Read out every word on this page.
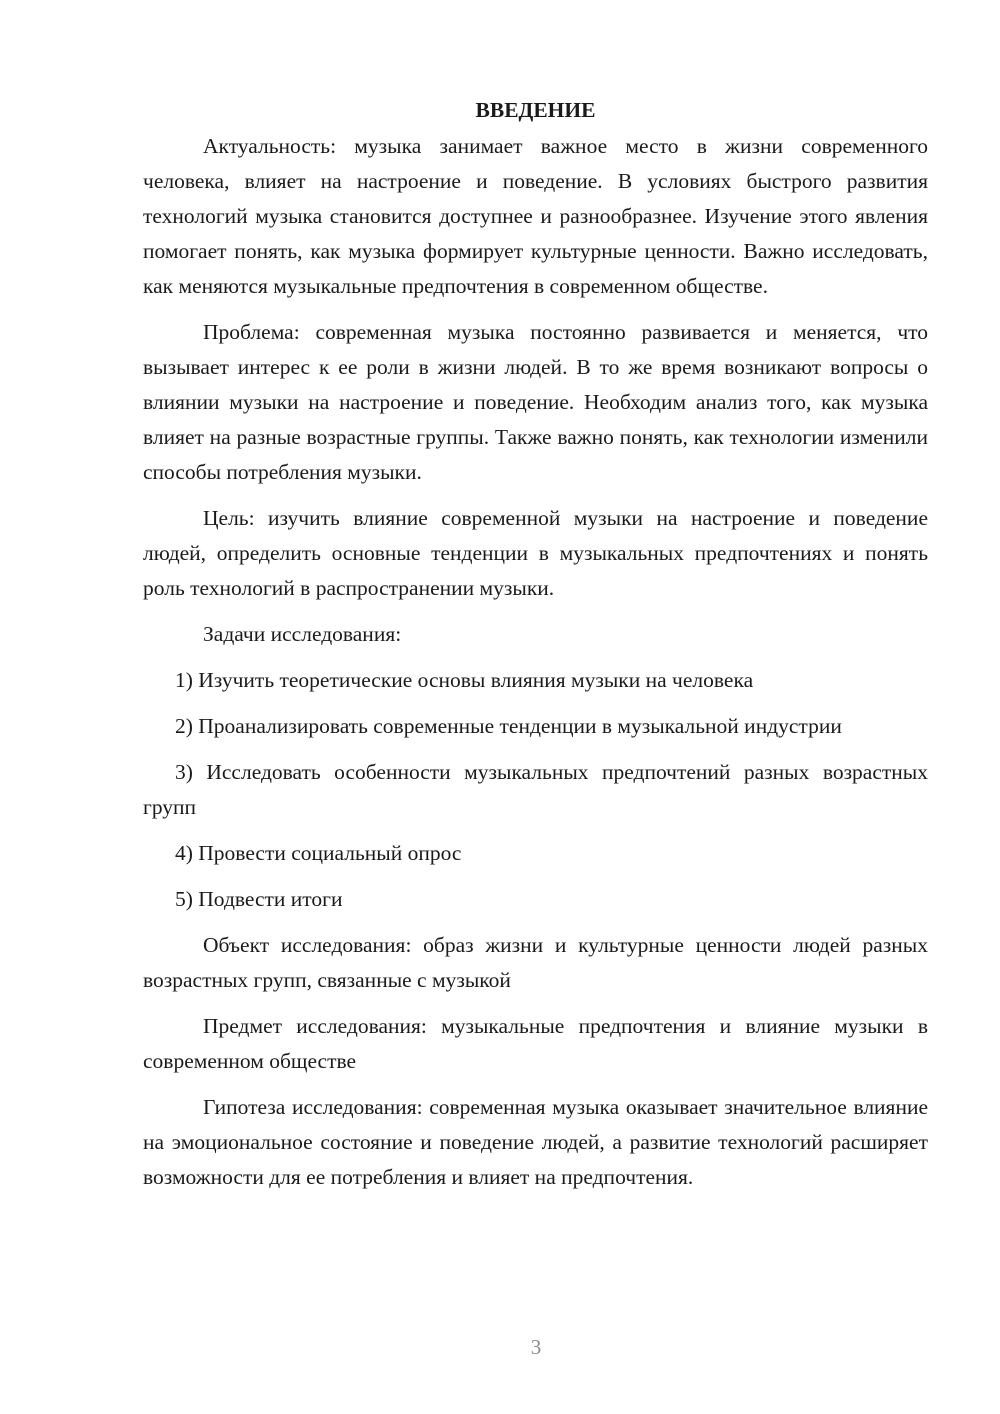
ВВЕДЕНИЕ

Актуальность: музыка занимает важное место в жизни современного человека, влияет на настроение и поведение. В условиях быстрого развития технологий музыка становится доступнее и разнообразнее. Изучение этого явления помогает понять, как музыка формирует культурные ценности. Важно исследовать, как меняются музыкальные предпочтения в современном обществе.

Проблема: современная музыка постоянно развивается и меняется, что вызывает интерес к ее роли в жизни людей. В то же время возникают вопросы о влиянии музыки на настроение и поведение. Необходим анализ того, как музыка влияет на разные возрастные группы. Также важно понять, как технологии изменили способы потребления музыки.

Цель: изучить влияние современной музыки на настроение и поведение людей, определить основные тенденции в музыкальных предпочтениях и понять роль технологий в распространении музыки.

Задачи исследования:

1) Изучить теоретические основы влияния музыки на человека

2) Проанализировать современные тенденции в музыкальной индустрии

3) Исследовать особенности музыкальных предпочтений разных возрастных групп

4) Провести социальный опрос

5) Подвести итоги

Объект исследования: образ жизни и культурные ценности людей разных возрастных групп, связанные с музыкой

Предмет исследования: музыкальные предпочтения и влияние музыки в современном обществе

Гипотеза исследования: современная музыка оказывает значительное влияние на эмоциональное состояние и поведение людей, а развитие технологий расширяет возможности для ее потребления и влияет на предпочтения.

3
